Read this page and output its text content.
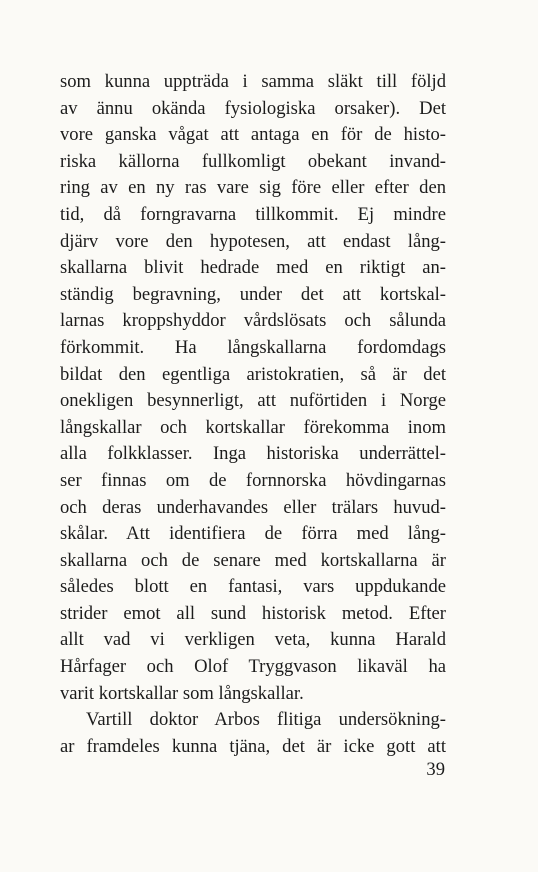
som kunna uppträda i samma släkt till följd
av ännu okända fysiologiska orsaker). Det
vore ganska vågat att antaga en för de histo-
riska källorna fullkomligt obekant invand-
ring av en ny ras vare sig före eller efter den
tid, då forngravarna tillkommit. Ej mindre
djärv vore den hypotesen, att endast lång-
skallarna blivit hedrade med en riktigt an-
ständig begravning, under det att kortskal-
larnas kroppshyddor vårdslösats och sålunda
förkommit. Ha långskallarna fordomdags
bildat den egentliga aristokratien, så är det
onekligen besynnerligt, att nuförtiden i Norge
långskallar och kortskallar förekomma inom
alla folkklasser. Inga historiska underrättel-
ser finnas om de fornnorska hövdingarnas
och deras underhavandes eller trälars huvud-
skålar. Att identifiera de förra med lång-
skallarna och de senare med kortskallarna är
således blott en fantasi, vars uppdukande
strider emot all sund historisk metod. Efter
allt vad vi verkligen veta, kunna Harald
Hårfager och Olof Tryggvason likaväl ha
varit kortskallar som långskallar.
Vartill doktor Arbos flitiga undersökning-
ar framdeles kunna tjäna, det är icke gott att
39
